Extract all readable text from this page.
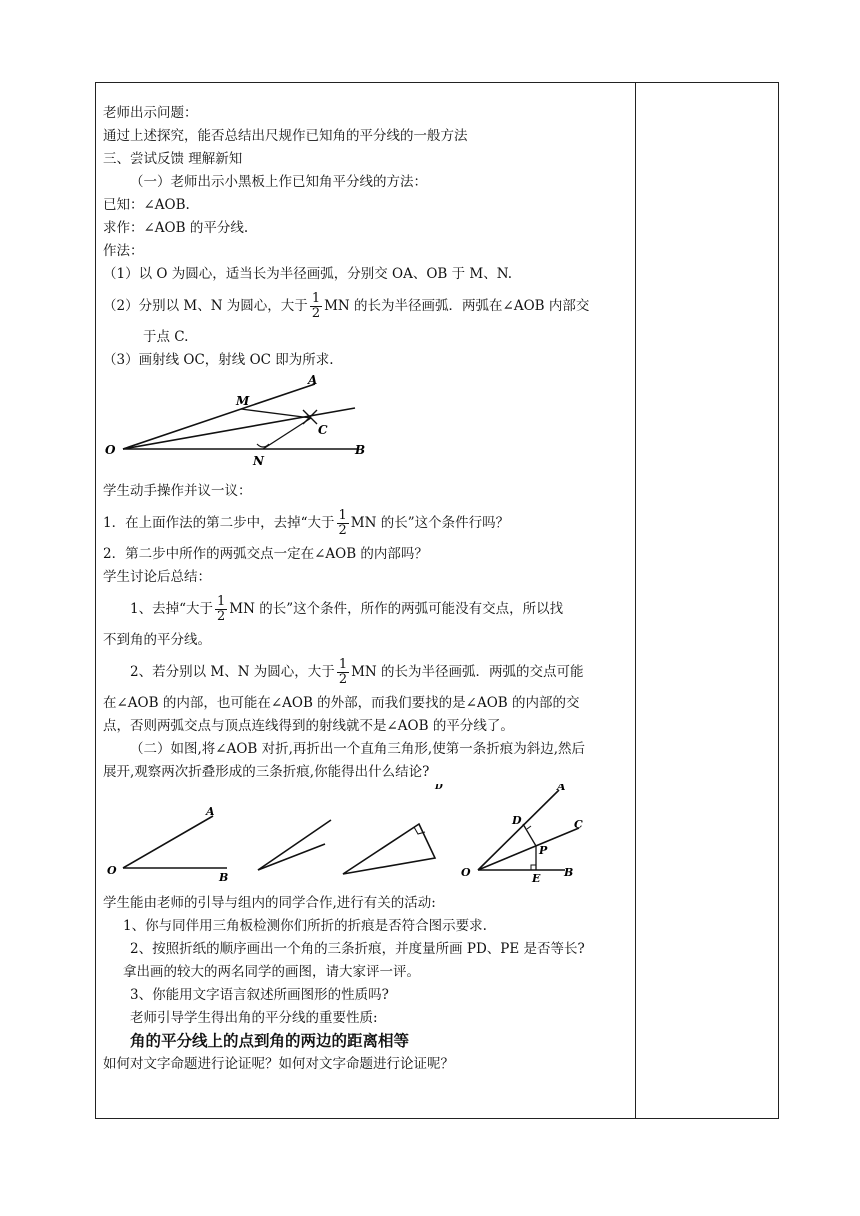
老师出示问题：
通过上述探究，能否总结出尺规作已知角的平分线的一般方法
三、尝试反馈 理解新知
（一）老师出示小黑板上作已知角平分线的方法：
已知：∠AOB.
求作：∠AOB 的平分线.
作法：
（1）以 O 为圆心，适当长为半径画弧，分别交 OA、OB 于 M、N.
（2）分别以 M、N 为圆心，大于 $\frac{1}{2}$ MN 的长为半径画弧．两弧在∠AOB 内部交
于点 C.
（3）画射线 OC，射线 OC 即为所求.
A
M
C
O
N
B
学生动手操作并议一议：
1．在上面作法的第二步中，去掉“大于 $\frac{1}{2}$ MN 的长”这个条件行吗？
2．第二步中所作的两弧交点一定在∠AOB 的内部吗？
学生讨论后总结：
1、去掉“大于 $\frac{1}{2}$ MN 的长”这个条件，所作的两弧可能没有交点，所以找
不到角的平分线。
2、若分别以 M、N 为圆心，大于 $\frac{1}{2}$ MN 的长为半径画弧．两弧的交点可能
在∠AOB 的内部，也可能在∠AOB 的外部，而我们要找的是∠AOB 的内部的交
点，否则两弧交点与顶点连线得到的射线就不是∠AOB 的平分线了。
（二）如图,将∠AOB 对折,再折出一个直角三角形,使第一条折痕为斜边,然后
展开,观察两次折叠形成的三条折痕,你能得出什么结论?
A
O
B
D	A
D	C
P
O	E B
学生能由老师的引导与组内的同学合作,进行有关的活动:
1、你与同伴用三角板检测你们所折的折痕是否符合图示要求.
2、按照折纸的顺序画出一个角的三条折痕，并度量所画 PD、PE 是否等长?
拿出画的较大的两名同学的画图，请大家评一评。
3、你能用文字语言叙述所画图形的性质吗?
老师引导学生得出角的平分线的重要性质:
角的平分线上的点到角的两边的距离相等
如何对文字命题进行论证呢？如何对文字命题进行论证呢？
